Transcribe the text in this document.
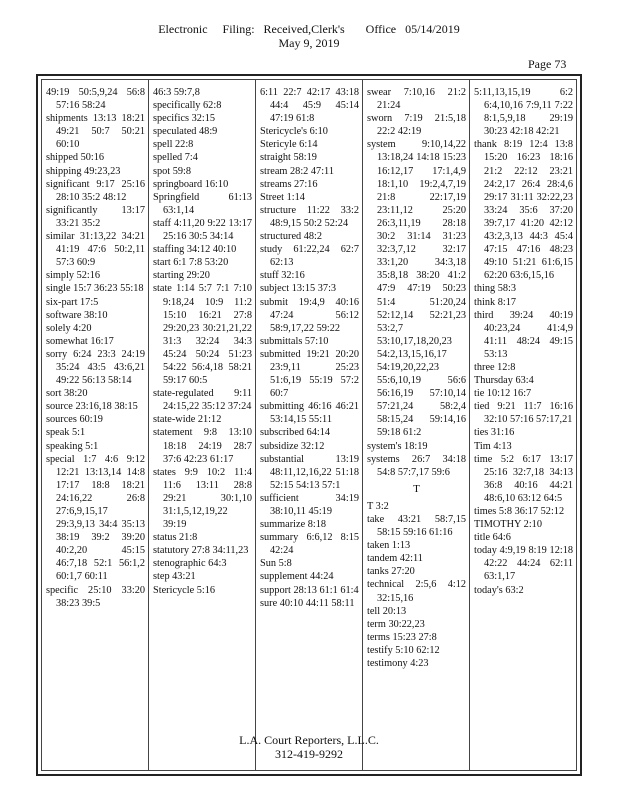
Electronic     Filing:   Received,Clerk's       Office   05/14/2019
May 9, 2019
Page 73
49:19 50:5,9,24 56:8 57:16 58:24
shipments 13:13 18:21 49:21 50:7 50:21 60:10
shipped 50:16
shipping 49:23,23
significant 9:17 25:16 28:10 35:2 48:12
significantly 13:17 33:21 35:2
similar 31:13,22 34:21 41:19 47:6 50:2,11 57:3 60:9
simply 52:16
single 15:7 36:23 55:18
six-part 17:5
software 38:10
solely 4:20
somewhat 16:17
sorry 6:24 23:3 24:19 35:24 43:5 43:6,21 49:22 56:13 58:14
sort 38:20
source 23:16,18 38:15
sources 60:19
speak 5:1
speaking 5:1
special 1:7 4:6 9:12 12:21 13:13,14 14:8 17:17 18:8 18:21 24:16,22 26:8 27:6,9,15,17 29:3,9,13 34:4 35:13 38:19 39:2 39:20 40:2,20 45:15 46:7,18 52:1 56:1,2 60:1,7 60:11
specific 25:10 33:20 38:23 39:5
46:3 59:7,8
specifically 62:8
specifics 32:15
speculated 48:9
spell 22:8
spelled 7:4
spot 59:8
springboard 16:10
Springfield 61:13 63:1,14
staff 4:11,20 9:22 13:17 25:16 30:5 34:14
staffing 34:12 40:10
start 6:1 7:8 53:20
starting 29:20
state 1:14 5:7 7:1 7:10 9:18,24 10:9 11:2 15:10 16:21 27:8 29:20,23 30:21,21,22 31:3 32:24 34:3 45:24 50:24 51:23 54:22 56:4,18 58:21 59:17 60:5
state-regulated 9:11 24:15,22 35:12 37:24
state-wide 21:12
statement 9:8 13:10 18:18 24:19 28:7 37:6 42:23 61:17
states 9:9 10:2 11:4 11:6 13:11 28:8 29:21 30:1,10 31:1,5,12,19,22 39:19
status 21:8
statutory 27:8 34:11,23
stenographic 64:3
step 43:21
Stericycle 5:16
6:11 22:7 42:17 43:18 44:4 45:9 45:14 47:19 61:8
Stericycle's 6:10
Stericyle 6:14
straight 58:19
stream 28:2 47:11
streams 27:16
Street 1:14
structure 11:22 33:2 48:9,15 50:2 52:24
structured 48:2
study 61:22,24 62:7 62:13
stuff 32:16
subject 13:15 37:3
submit 19:4,9 40:16 47:24 56:12 58:9,17,22 59:22
submittals 57:10
submitted 19:21 20:20 23:9,11 25:23 51:6,19 55:19 57:2 60:7
submitting 46:16 46:21 53:14,15 55:11
subscribed 64:14
subsidize 32:12
substantial 13:19 48:11,12,16,22 51:18 52:15 54:13 57:1
sufficient 34:19 38:10,11 45:19
summarize 8:18
summary 6:6,12 8:15 42:24
Sun 5:8
supplement 44:24
support 28:13 61:1 61:4
sure 40:10 44:11 58:11
swear 7:10,16 21:2 21:24
sworn 7:19 21:5,18 22:2 42:19
system 9:10,14,22 13:18,24 14:18 15:23 16:12,17 17:1,4,9 18:1,10 19:2,4,7,19 21:8 22:17,19 23:11,12 25:20 26:3,11,19 28:18 30:2 31:14 31:23 32:3,7,12 32:17 33:1,20 34:3,18 35:8,18 38:20 41:2 47:9 47:19 50:23 51:4 51:20,24 52:12,14 52:21,23 53:2,7 53:10,17,18,20,23 54:2,13,15,16,17 54:19,20,22,23 55:6,10,19 56:6 56:16,19 57:10,14 57:21,24 58:2,4 58:15,24 59:14,16 59:18 61:2
system's 18:19
systems 26:7 34:18 54:8 57:7,17 59:6
T
T 3:2
take 43:21 58:7,15 58:15 59:16 61:16
taken 1:13
tandem 42:11
tanks 27:20
technical 2:5,6 4:12 32:15,16
tell 20:13
term 30:22,23
terms 15:23 27:8
testify 5:10 62:12
testimony 4:23
5:11,13,15,19 6:2 6:4,10,16 7:9,11 7:22 8:1,5,9,18 29:19 30:23 42:18 42:21
thank 8:19 12:4 13:8 15:20 16:23 18:16 21:2 22:12 23:21 24:2,17 26:4 28:4,6 29:17 31:11 32:22,23 33:24 35:6 37:20 39:7,17 41:20 42:12 43:2,3,13 44:3 45:4 47:15 47:16 48:23 49:10 51:21 61:6,15 62:20 63:6,15,16
thing 58:3
think 8:17
third 39:24 40:19 40:23,24 41:4,9 41:11 48:24 49:15 53:13
three 12:8
Thursday 63:4
tie 10:12 16:7
tied 9:21 11:7 16:16 32:10 57:16 57:17,21
ties 31:16
Tim 4:13
time 5:2 6:17 13:17 25:16 32:7,18 34:13 36:8 40:16 44:21 48:6,10 63:12 64:5
times 5:8 36:17 52:12
TIMOTHY 2:10
title 64:6
today 4:9,19 8:19 12:18 42:22 44:24 62:11 63:1,17
today's 63:2
L.A. Court Reporters, L.L.C.
312-419-9292
